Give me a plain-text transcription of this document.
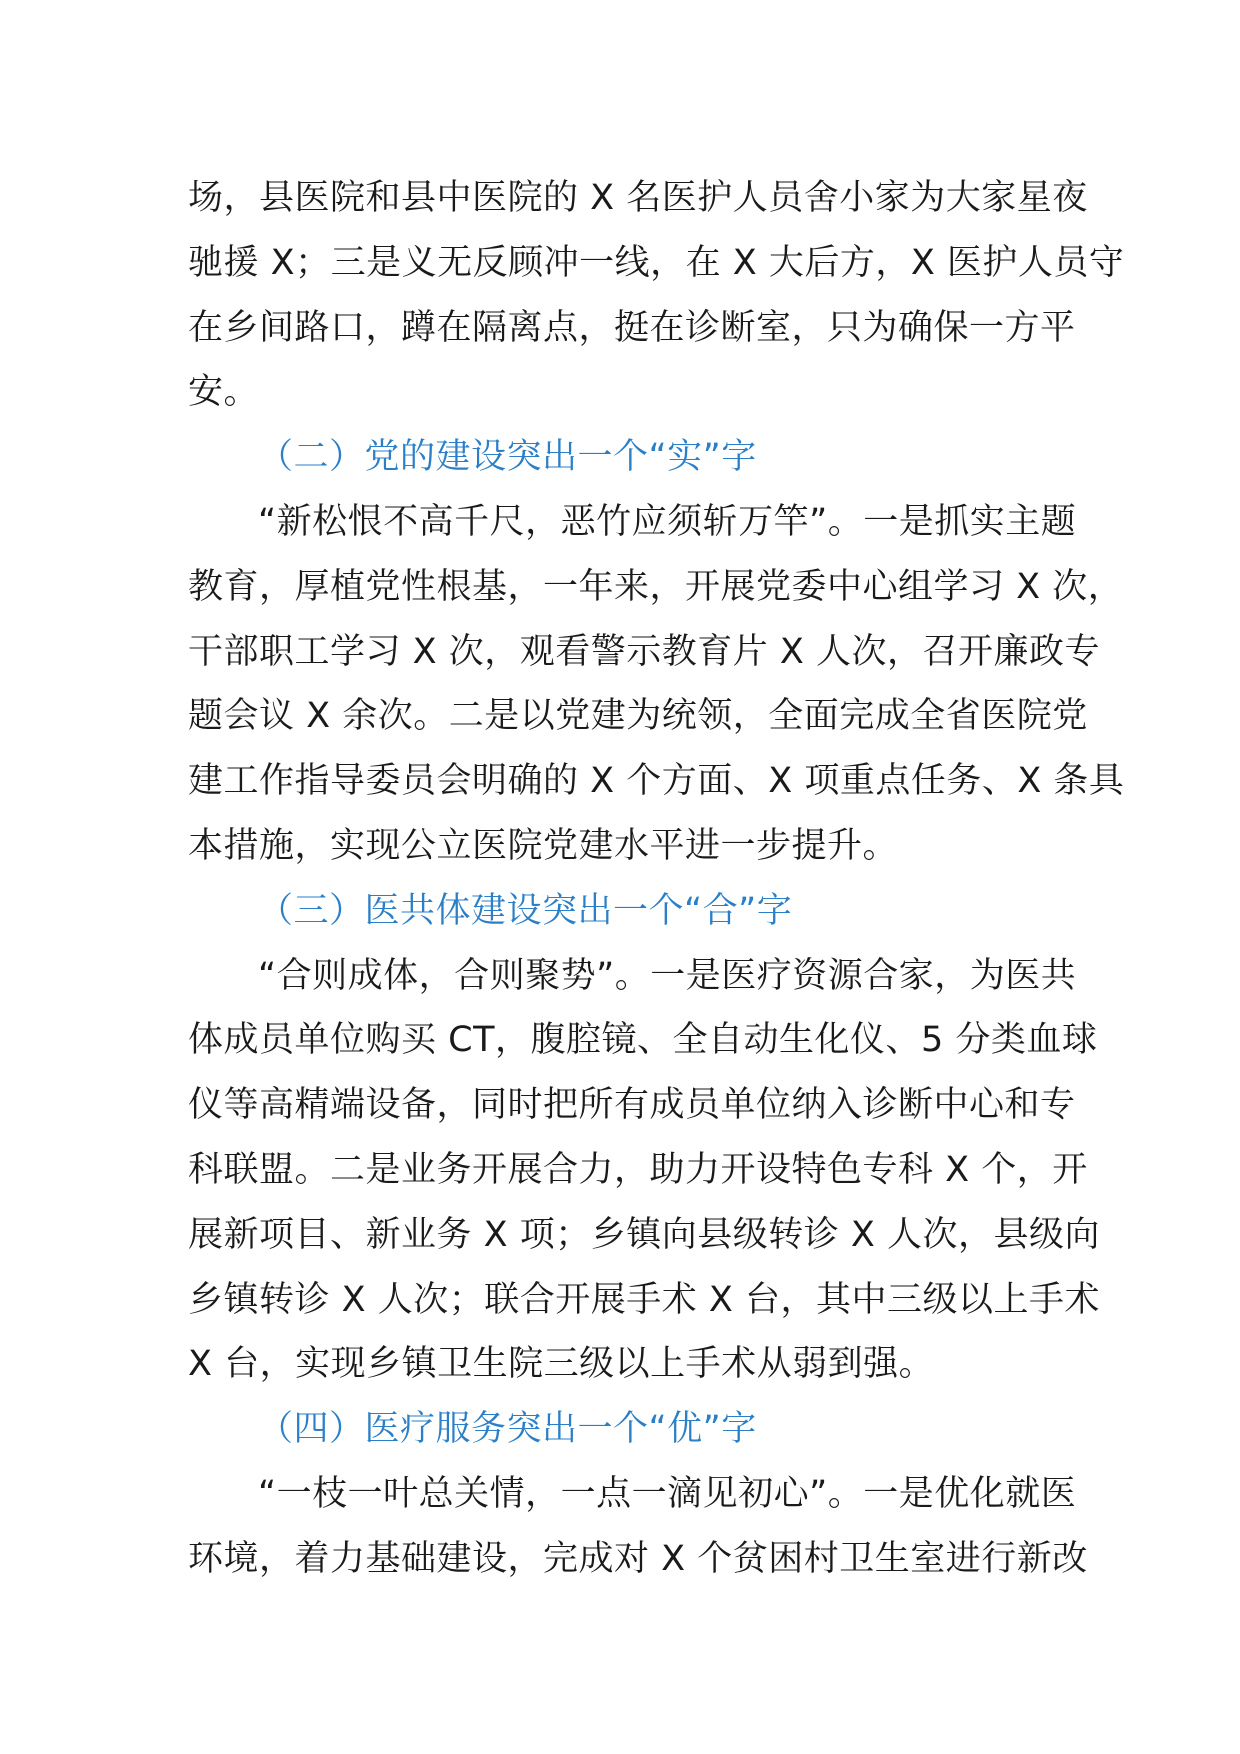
场，县医院和县中医院的 X 名医护人员舍小家为大家星夜
驰援 X；三是义无反顾冲一线，在 X 大后方，X 医护人员守
在乡间路口，蹲在隔离点，挺在诊断室，只为确保一方平
安。
（二）党的建设突出一个“实”字
“新松恨不高千尺，恶竹应须斩万竿”。一是抓实主题
教育，厚植党性根基，一年来，开展党委中心组学习 X 次，
干部职工学习 X 次，观看警示教育片 X 人次，召开廉政专
题会议 X 余次。二是以党建为统领，全面完成全省医院党
建工作指导委员会明确的 X 个方面、X 项重点任务、X 条具
本措施，实现公立医院党建水平进一步提升。
（三）医共体建设突出一个“合”字
“合则成体，合则聚势”。一是医疗资源合家，为医共
体成员单位购买 CT，腹腔镜、全自动生化仪、5 分类血球
仪等高精端设备，同时把所有成员单位纳入诊断中心和专
科联盟。二是业务开展合力，助力开设特色专科 X 个，开
展新项目、新业务 X 项；乡镇向县级转诊 X 人次，县级向
乡镇转诊 X 人次；联合开展手术 X 台，其中三级以上手术
X 台，实现乡镇卫生院三级以上手术从弱到强。
（四）医疗服务突出一个“优”字
“一枝一叶总关情，一点一滴见初心”。一是优化就医
环境，着力基础建设，完成对 X 个贫困村卫生室进行新改
